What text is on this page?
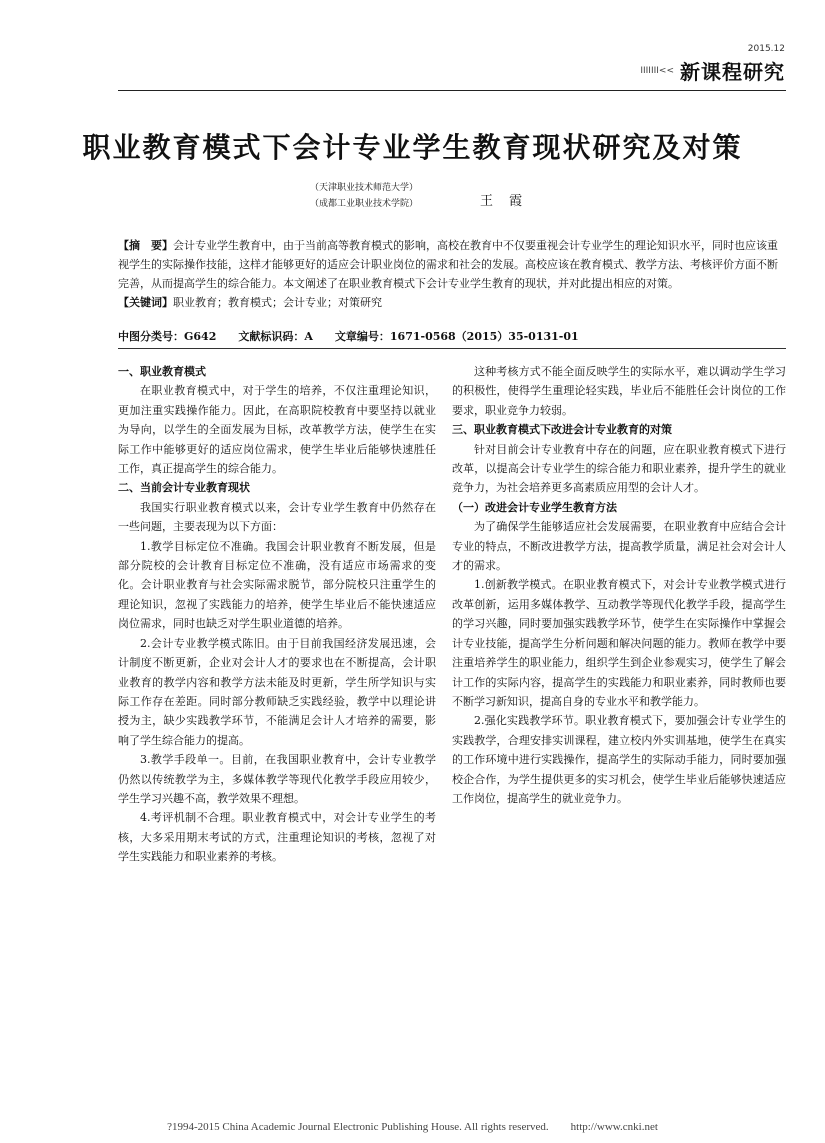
2015.12
IIIIIII<< 新课程研究
职业教育模式下会计专业学生教育现状研究及对策
（天津职业技术师范大学）
（成都工业职业技术学院）	王 霞
【摘　要】会计专业学生教育中，由于当前高等教育模式的影响，高校在教育中不仅要重视会计专业学生的理论知识水平，同时也应该重视学生的实际操作技能，这样才能够更好的适应会计职业岗位的需求和社会的发展。高校应该在教育模式、教学方法、考核评价方面不断完善，从而提高学生的综合能力。本文阐述了在职业教育模式下会计专业学生教育的现状，并对此提出相应的对策。
【关键词】职业教育；教育模式；会计专业；对策研究
中图分类号：G642　　文献标识码：A　　文章编号：1671-0568（2015）35-0131-01
一、职业教育模式

在职业教育模式中，对于学生的培养，不仅注重理论知识，更加注重实践操作能力。因此，在高职院校教育中要坚持以就业为导向，以学生的全面发展为目标，改革教学方法，使学生在实际工作中能够更好的适应岗位需求，使学生毕业后能够快速胜任工作，真正提高学生的综合能力。

二、当前会计专业教育现状

我国实行职业教育模式以来，会计专业学生教育中仍然存在一些问题，主要表现为以下方面：

1.教学目标定位不准确。我国会计职业教育不断发展，但是部分院校的会计教育目标定位不准确，没有适应市场需求的变化。会计职业教育与社会实际需求脱节，部分院校只注重学生的理论知识，忽视了实践能力的培养，使学生毕业后不能快速适应岗位需求，同时也缺乏对学生职业道德的培养。

2.会计专业教学模式陈旧。由于目前我国经济发展迅速，会计制度不断更新，企业对会计人才的要求也在不断提高，会计职业教育的教学内容和教学方法未能及时更新，学生所学知识与实际工作存在差距。同时部分教师缺乏实践经验，教学中以理论讲授为主，缺少实践教学环节，不能满足会计人才培养的需要，影响了学生综合能力的提高。

3.教学手段单一。目前，在我国职业教育中，会计专业教学仍然以传统教学为主，多媒体教学等现代化教学手段应用较少，学生学习兴趣不高，教学效果不理想。

4.考评机制不合理。职业教育模式中，对会计专业学生的考核，大多采用期末考试的方式，注重理论知识的考核，忽视了对学生实践能力和职业素养的考核。

这种考核方式不能全面反映学生的实际水平，难以调动学生学习的积极性，使得学生重理论轻实践，毕业后不能胜任会计岗位的工作要求，职业竞争力较弱。

三、职业教育模式下改进会计专业教育的对策

针对目前会计专业教育中存在的问题，应在职业教育模式下进行改革，以提高会计专业学生的综合能力和职业素养，提升学生的就业竞争力，为社会培养更多高素质应用型的会计人才。

（一）改进会计专业学生教育方法

为了确保学生能够适应社会发展需要，在职业教育中应结合会计专业的特点，不断改进教学方法，提高教学质量，满足社会对会计人才的需求。

1.创新教学模式。在职业教育模式下，对会计专业教学模式进行改革创新，运用多媒体教学、互动教学等现代化教学手段，提高学生的学习兴趣，同时要加强实践教学环节，使学生在实际操作中掌握会计专业技能，提高学生分析问题和解决问题的能力。教师在教学中要注重培养学生的职业能力，组织学生到企业参观实习，使学生了解会计工作的实际内容，提高学生的实践能力和职业素养，同时教师也要不断学习新知识，提高自身的专业水平和教学能力。

2.强化实践教学环节。职业教育模式下，要加强会计专业学生的实践教学，合理安排实训课程，建立校内外实训基地，使学生在真实的工作环境中进行实践操作，提高学生的实际动手能力，同时要加强校企合作，为学生提供更多的实习机会，使学生毕业后能够快速适应工作岗位，提高学生的就业竞争力。

?1994-2015 China Academic Journal Electronic Publishing House. All rights reserved.　　http://www.cnki.net
